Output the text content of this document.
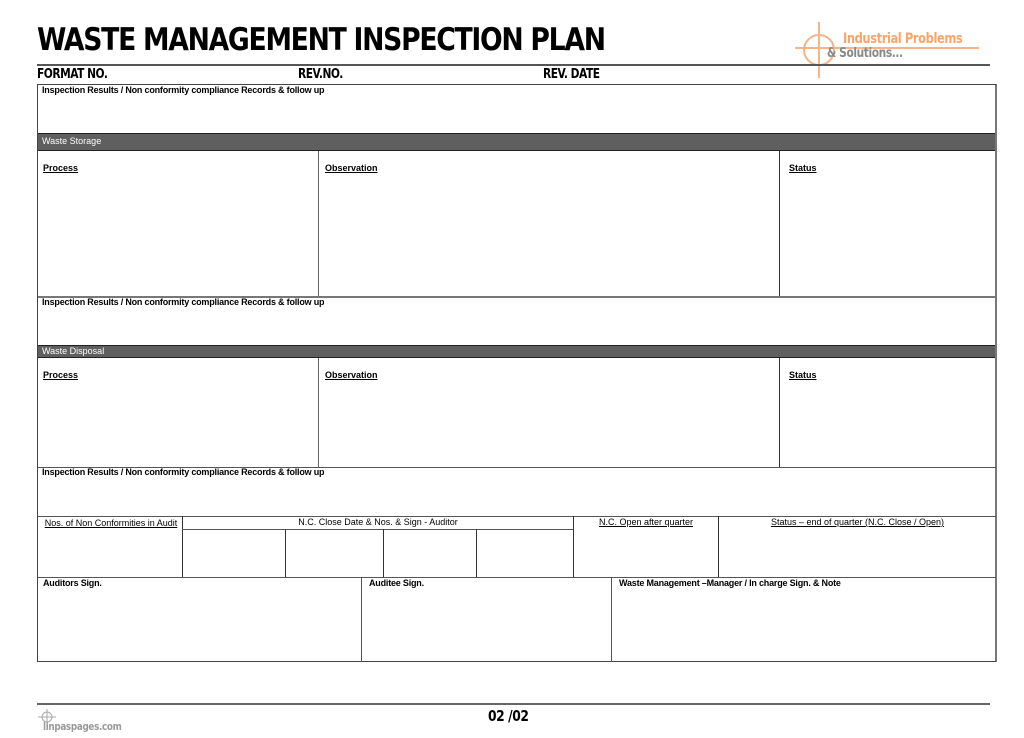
WASTE MANAGEMENT INSPECTION PLAN	Industrial Problems
& Solutions...
FORMAT NO.	REV.NO.	REV. DATE
Inspection Results / Non conformity compliance Records & follow up
Waste Storage
Process	Observation	Status
Inspection Results / Non conformity compliance Records & follow up
Waste Disposal
Process	Observation	Status
Inspection Results / Non conformity compliance Records & follow up
Nos. of Non Conformities in Audit	N.C. Close Date & Nos. & Sign - Auditor	N.C. Open after quarter	Status – end of quarter (N.C. Close / Open)
Auditors Sign.	Auditee Sign.	Waste Management –Manager / In charge Sign. & Note
linpaspages.com
02 /02
